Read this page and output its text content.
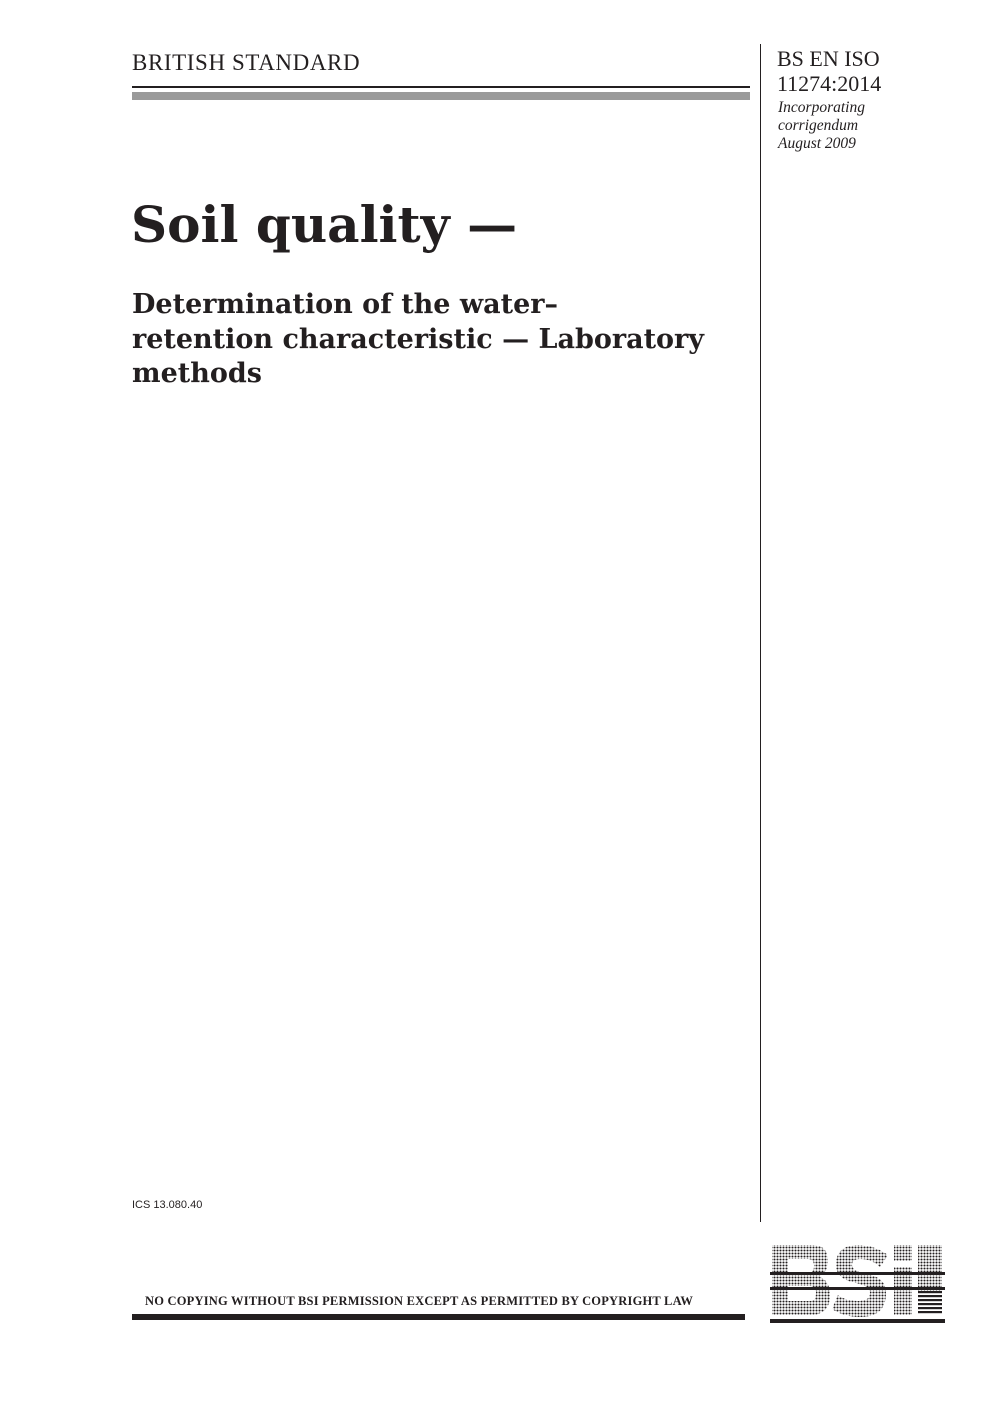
BRITISH STANDARD	BS EN ISO
11274:2014
Incorporating
corrigendum
August 2009
Soil quality —
Determination of the water–
retention characteristic — Laboratory
methods
ICS 13.080.40
NO COPYING WITHOUT BSI PERMISSION EXCEPT AS PERMITTED BY COPYRIGHT LAW
